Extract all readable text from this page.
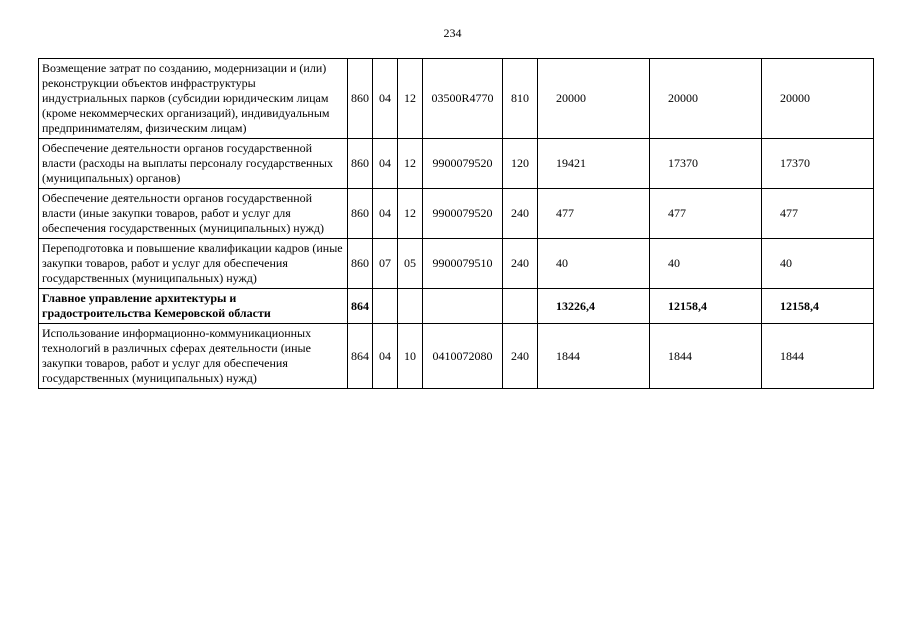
234
Возмещение затрат по созданию, модернизации и (или) реконструкции объектов инфраструктуры индустриальных парков (субсидии юридическим лицам (кроме некоммерческих организаций), индивидуальным предпринимателям, физическим лицам)	860	04	12	03500R4770	810	20000	20000	20000
Обеспечение деятельности органов государственной власти (расходы на выплаты персоналу государственных (муниципальных) органов)	860	04	12	9900079520	120	19421	17370	17370
Обеспечение деятельности органов государственной власти (иные закупки товаров, работ и услуг для обеспечения государственных (муниципальных) нужд)	860	04	12	9900079520	240	477	477	477
Переподготовка и повышение квалификации кадров (иные закупки товаров, работ и услуг для обеспечения государственных (муниципальных) нужд)	860	07	05	9900079510	240	40	40	40
Главное управление архитектуры и градостроительства Кемеровской области	864					13226,4	12158,4	12158,4
Использование информационно-коммуникационных технологий в различных сферах деятельности (иные закупки товаров, работ и услуг для обеспечения государственных (муниципальных) нужд)	864	04	10	0410072080	240	1844	1844	1844
